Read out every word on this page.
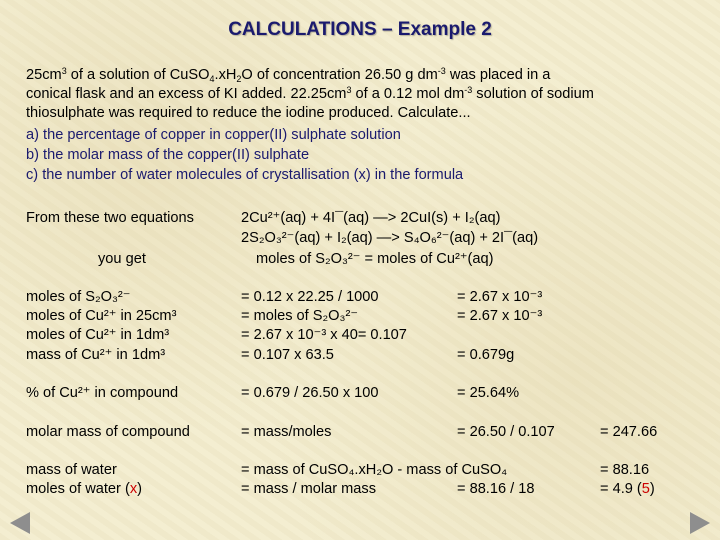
CALCULATIONS – Example 2
$25cm^3$ of a solution of $CuSO_4.xH_2O$ of concentration 26.50 g $dm^{-3}$ was placed in a
conical flask and an excess of KI added. $22.25cm^3$ of a 0.12 mol $dm^{-3}$ solution of sodium
thiosulphate was required to reduce the iodine produced. Calculate...
a) the percentage of copper in copper(II) sulphate solution
b) the molar mass of the copper(II) sulphate
c) the number of water molecules of crystallisation (x) in the formula
From these two equations	2Cu²⁺(aq) + 4I¯(aq) —> 2CuI(s) + I₂(aq)
2S₂O₃²⁻(aq) + I₂(aq) —> S₄O₆²⁻(aq) + 2I¯(aq)
you get	moles of S₂O₃²⁻ = moles of Cu²⁺(aq)
moles of S₂O₃²⁻	= 0.12 x 22.25 / 1000	= 2.67 x 10⁻³
moles of Cu²⁺ in 25cm³	= moles of S₂O₃²⁻	= 2.67 x 10⁻³
moles of Cu²⁺ in 1dm³	= 2.67 x 10⁻³ x 40= 0.107
mass of Cu²⁺ in 1dm³	= 0.107 x 63.5	= 0.679g
% of Cu²⁺ in compound	= 0.679 / 26.50 x 100	= 25.64%
molar mass of compound	= mass/moles	= 26.50 / 0.107	= 247.66
mass of water	= mass of CuSO₄.xH₂O - mass of CuSO₄	= 88.16
moles of water (x)	= mass / molar mass	= 88.16 / 18	= 4.9 (5)
